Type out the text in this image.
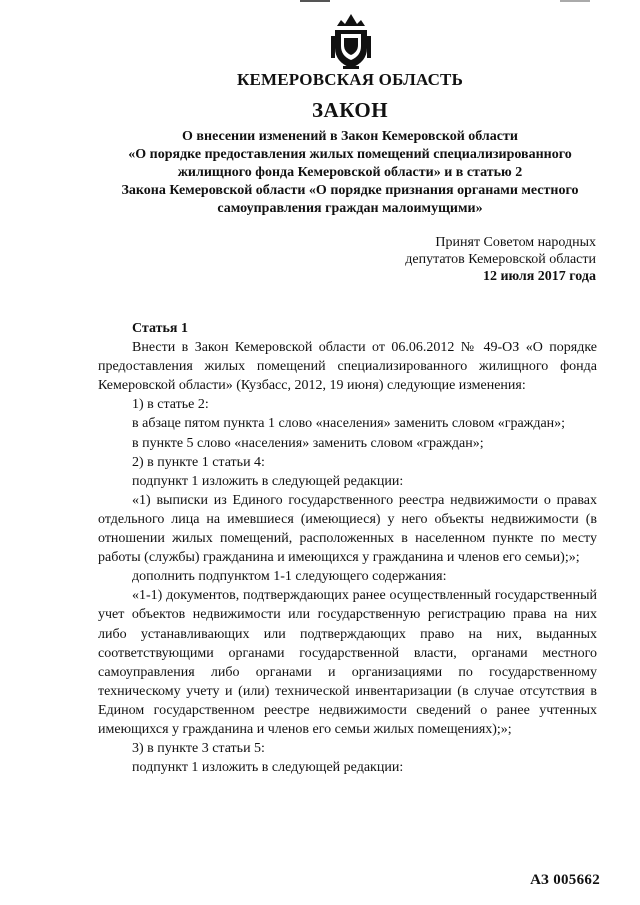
КЕМЕРОВСКАЯ ОБЛАСТЬ
ЗАКОН
О внесении изменений в Закон Кемеровской области
«О порядке предоставления жилых помещений специализированного
жилищного фонда Кемеровской области» и в статью 2
Закона Кемеровской области «О порядке признания органами местного
самоуправления граждан малоимущими»
Принят Советом народных
депутатов Кемеровской области
12 июля 2017 года

Статья 1

Внести в Закон Кемеровской области от 06.06.2012 № 49-ОЗ «О порядке предоставления жилых помещений специализированного жилищного фонда Кемеровской области» (Кузбасс, 2012, 19 июня) следующие изменения:

1) в статье 2:

в абзаце пятом пункта 1 слово «населения» заменить словом «граждан»;

в пункте 5 слово «населения» заменить словом «граждан»;

2) в пункте 1 статьи 4:

подпункт 1 изложить в следующей редакции:

«1) выписки из Единого государственного реестра недвижимости о правах отдельного лица на имевшиеся (имеющиеся) у него объекты недвижимости (в отношении жилых помещений, расположенных в населенном пункте по месту работы (службы) гражданина и имеющихся у гражданина и членов его семьи);»;

дополнить подпунктом 1-1 следующего содержания:

«1-1) документов, подтверждающих ранее осуществленный государственный учет объектов недвижимости или государственную регистрацию права на них либо устанавливающих или подтверждающих право на них, выданных соответствующими органами государственной власти, органами местного самоуправления либо органами и организациями по государственному техническому учету и (или) технической инвентаризации (в случае отсутствия в Едином государственном реестре недвижимости сведений о ранее учтенных имеющихся у гражданина и членов его семьи жилых помещениях);»;

3) в пункте 3 статьи 5:

подпункт 1 изложить в следующей редакции:

АЗ 005662
